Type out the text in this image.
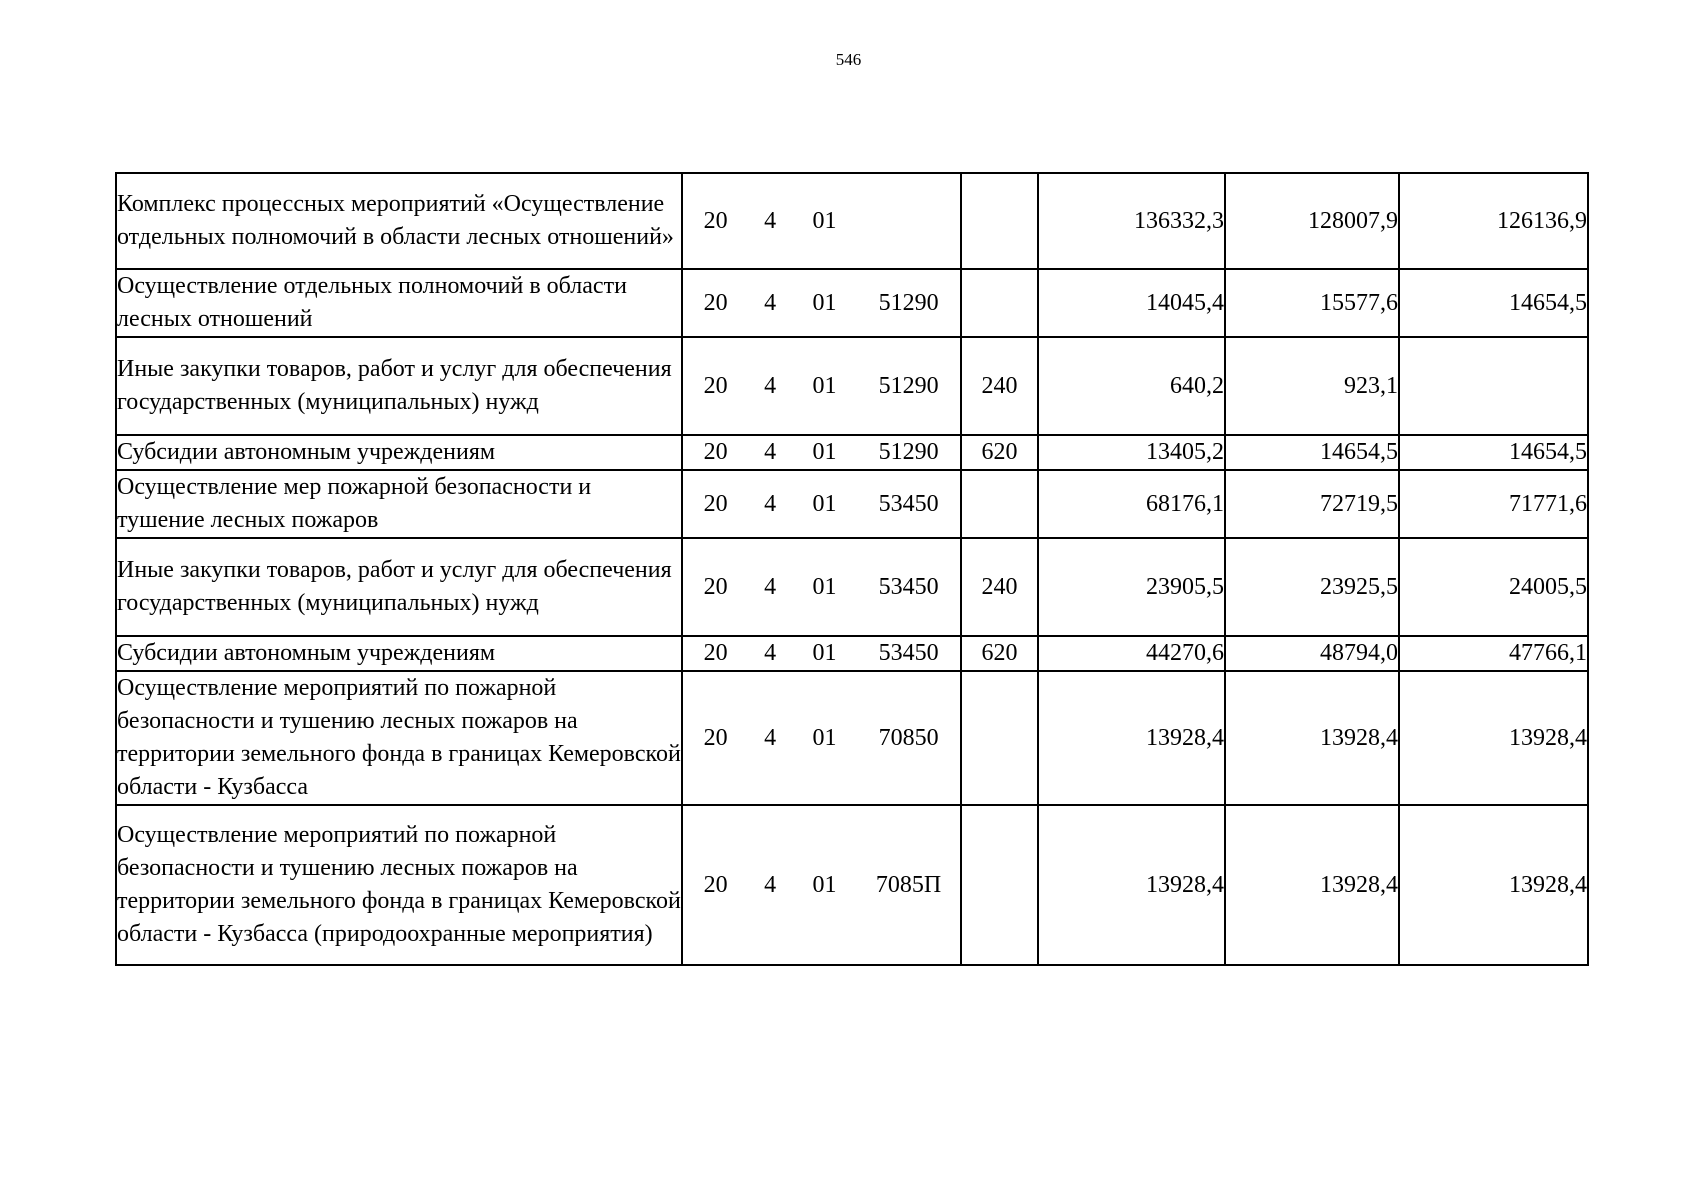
546
Комплекс процессных мероприятий «Осуществление отдельных полномочий в области лесных отношений»	20 4 01		136332,3	128007,9	126136,9
Осуществление отдельных полномочий в области лесных отношений	20 4 01 51290		14045,4	15577,6	14654,5
Иные закупки товаров, работ и услуг для обеспечения государственных (муниципальных) нужд	20 4 01 51290	240	640,2	923,1	
Субсидии автономным учреждениям	20 4 01 51290	620	13405,2	14654,5	14654,5
Осуществление мер пожарной безопасности и тушение лесных пожаров	20 4 01 53450		68176,1	72719,5	71771,6
Иные закупки товаров, работ и услуг для обеспечения государственных (муниципальных) нужд	20 4 01 53450	240	23905,5	23925,5	24005,5
Субсидии автономным учреждениям	20 4 01 53450	620	44270,6	48794,0	47766,1
Осуществление мероприятий по пожарной безопасности и тушению лесных пожаров на территории земельного фонда в границах Кемеровской области - Кузбасса	20 4 01 70850		13928,4	13928,4	13928,4
Осуществление мероприятий по пожарной безопасности и тушению лесных пожаров на территории земельного фонда в границах Кемеровской области - Кузбасса (природоохранные мероприятия)	20 4 01 7085П		13928,4	13928,4	13928,4
